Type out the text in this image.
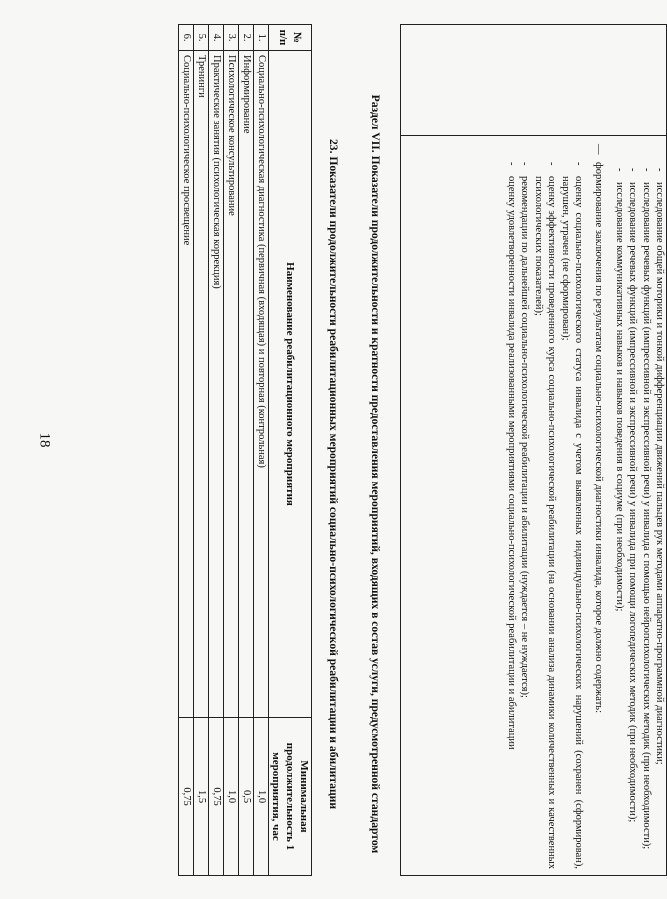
18

-
исследование общей моторики и тонкой дифференциации движений пальцев рук методами аппаратно-программной диагностики;
-
исследование речевых функций (импрессивной и экспрессивной речи) у инвалида с помощью нейропсихологических методик (при необходимости);
-
исследование речевых функций (импрессивной и экспрессивной речи) у инвалида при помощи логопедических методик (при необходимости);
-
исследование коммуникативных навыков и навыков поведения в социуме (при необходимости);
—
формирование заключения по результатам социально-психологической диагностики инвалида, которое должно содержать:
-
оценку социально-психологического статуса инвалида с учетом выявленных индивидуально-психологических нарушений (сохранен (сформирован), нарушен, утрачен (не сформирован);
-
оценку эффективности проведенного курса социально-психологической реабилитации (на основании анализа динамики количественных и качественных психологических показателей);
-
рекомендации по дальнейшей социально-психологической реабилитации и абилитации (нуждается – не нуждается);
-
оценку удовлетворенности инвалида реализованными мероприятиями социально-психологической реабилитации и абилитации
Раздел VII. Показатели продолжительности и кратности предоставления мероприятий, входящих в состав услуги, предусмотренной стандартом
23. Показатели продолжительности реабилитационных мероприятий социально-психологической реабилитации и абилитации
№ п/п	Наименование реабилитационного мероприятия	Минимальная продолжительность 1 мероприятия, час
1.	Социально-психологическая диагностика (первичная (входящая) и повторная (контрольная)	1,0
2.	Информирование	0,5
3.	Психологическое консультирование	1,0
4.	Практические занятия (психологическая коррекция)	0,75
5.	Тренинги	1,5
6.	Социально-психологическое просвещение	0,75
